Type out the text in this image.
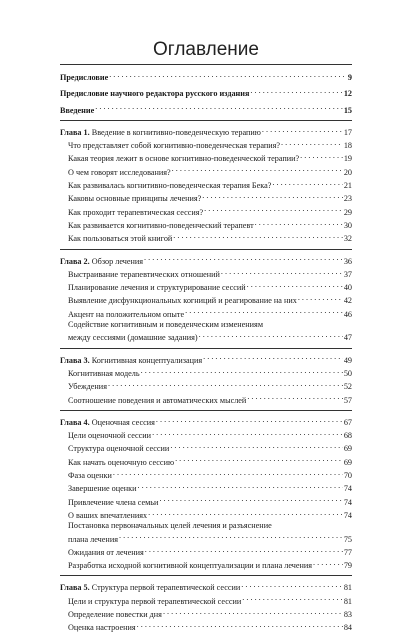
Оглавление
Предисловие . . .	9
Предисловие научного редактора русского издания . . .	12
Введение . . .	15
Глава 1. Введение в когнитивно-поведенческую терапию . . .	17
Что представляет собой когнитивно-поведенческая терапия? . . .	18
Какая теория лежит в основе когнитивно-поведенческой терапии? . . .	19
О чем говорят исследования? . . .	20
Как развивалась когнитивно-поведенческая терапия Бека? . . .	21
Каковы основные принципы лечения? . . .	23
Как проходит терапевтическая сессия? . . .	29
Как развивается когнитивно-поведенческий терапевт . . .	30
Как пользоваться этой книгой . . .	32
Глава 2. Обзор лечения . . .	36
Выстраивание терапевтических отношений . . .	37
Планирование лечения и структурирование сессий . . .	40
Выявление дисфункциональных когниций и реагирование на них . . .	42
Акцент на положительном опыте . . .	46
Содействие когнитивным и поведенческим изменениям
между сессиями (домашние задания) . . .	47
Глава 3. Когнитивная концептуализация . . .	49
Когнитивная модель . . .	50
Убеждения . . .	52
Соотношение поведения и автоматических мыслей . . .	57
Глава 4. Оценочная сессия . . .	67
Цели оценочной сессии . . .	68
Структура оценочной сессии . . .	69
Как начать оценочную сессию . . .	69
Фаза оценки . . .	70
Завершение оценки . . .	74
Привлечение члена семьи . . .	74
О ваших впечатлениях . . .	74
Постановка первоначальных целей лечения и разъяснение
плана лечения . . .	75
Ожидания от лечения . . .	77
Разработка исходной когнитивной концептуализации и плана лечения . . .	79
Глава 5. Структура первой терапевтической сессии . . .	81
Цели и структура первой терапевтической сессии . . .	81
Определение повестки дня . . .	83
Оценка настроения . . .	84
